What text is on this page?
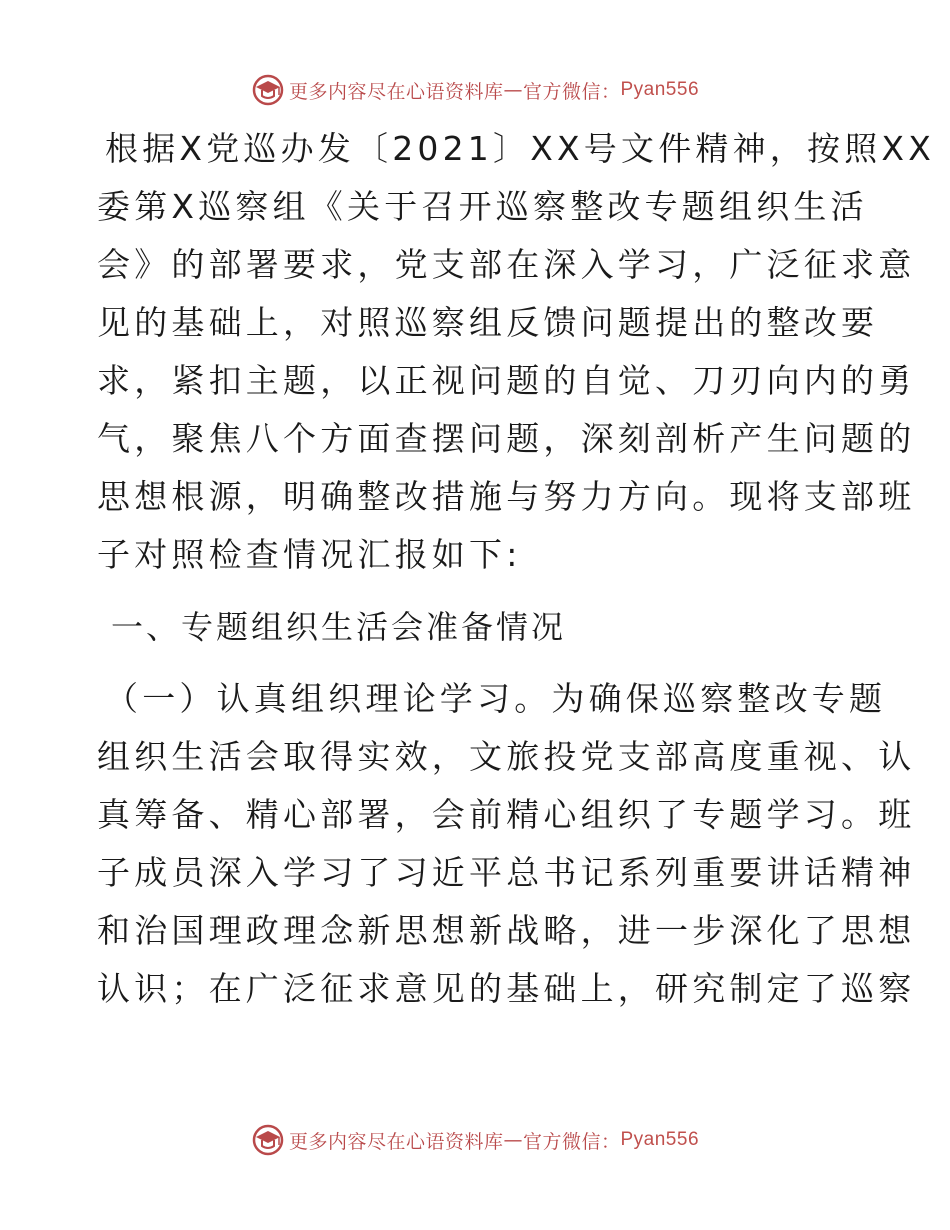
更多内容尽在心语资料库 — 官方微信： Pyan556
根据X党巡办发〔2021〕XX号文件精神，按照XX
委第X巡察组《关于召开巡察整改专题组织生活
会》的部署要求，党支部在深入学习，广泛征求意
见的基础上，对照巡察组反馈问题提出的整改要
求，紧扣主题，以正视问题的自觉、刀刃向内的勇
气，聚焦八个方面查摆问题，深刻剖析产生问题的
思想根源，明确整改措施与努力方向。现将支部班
子对照检查情况汇报如下:
一、专题组织生活会准备情况
（一）认真组织理论学习。为确保巡察整改专题
组织生活会取得实效，文旅投党支部高度重视、认
真筹备、精心部署，会前精心组织了专题学习。班
子成员深入学习了习近平总书记系列重要讲话精神
和治国理政理念新思想新战略，进一步深化了思想
认识；在广泛征求意见的基础上，研究制定了巡察
更多内容尽在心语资料库 — 官方微信： Pyan556
